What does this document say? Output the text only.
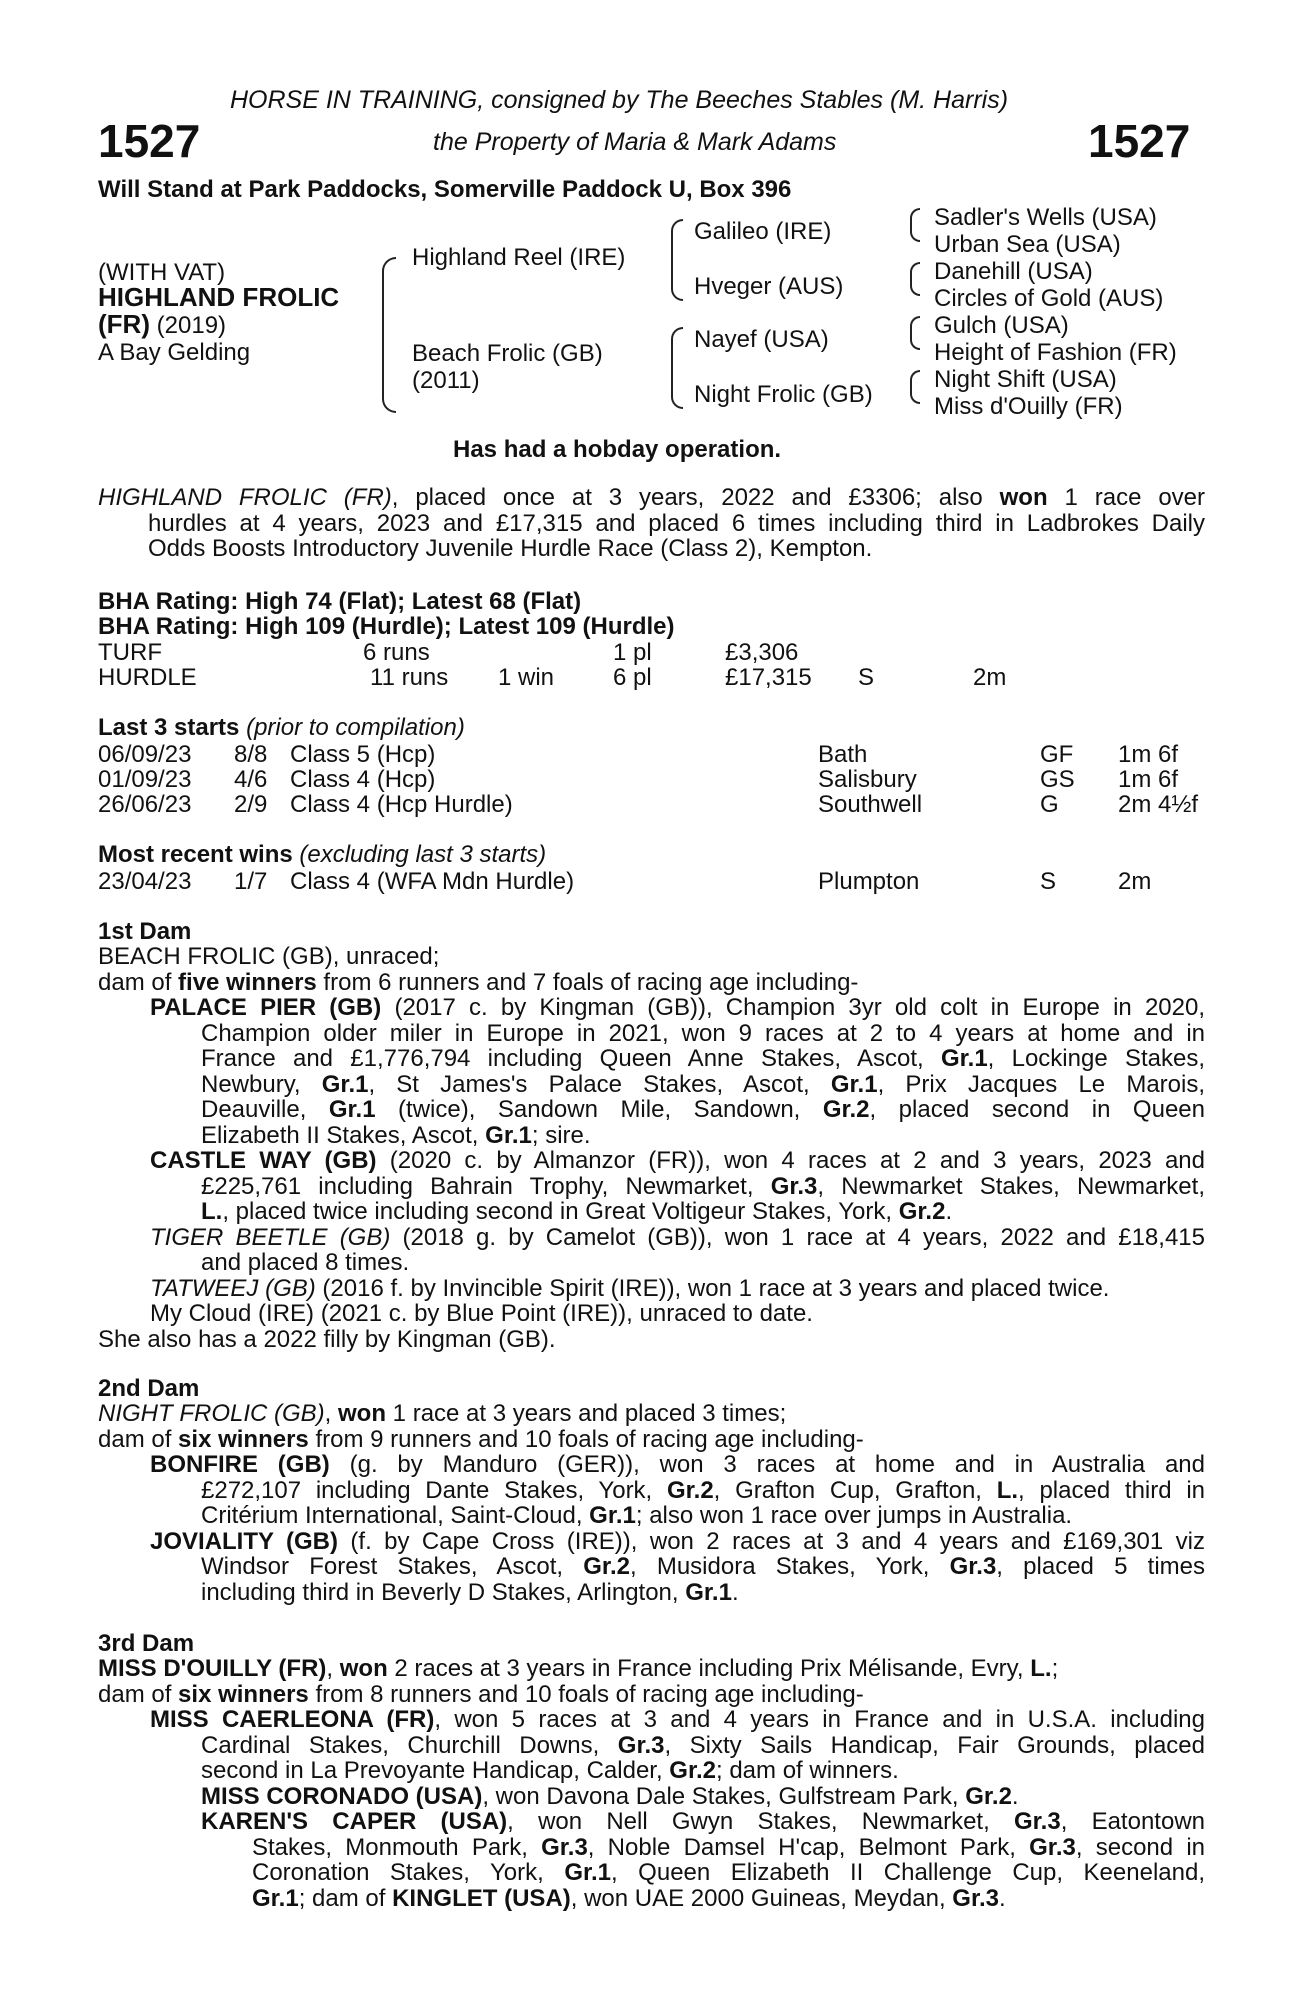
HORSE IN TRAINING, consigned by The Beeches Stables (M. Harris)
1527	the Property of Maria & Mark Adams	1527
Will Stand at Park Paddocks, Somerville Paddock U, Box 396
(WITH VAT)
HIGHLAND FROLIC
(FR) (2019)
A Bay Gelding
Highland Reel (IRE)
Beach Frolic (GB)
(2011)
Galileo (IRE)
Hveger (AUS)
Nayef (USA)
Night Frolic (GB)
Sadler's Wells (USA)
Urban Sea (USA)
Danehill (USA)
Circles of Gold (AUS)
Gulch (USA)
Height of Fashion (FR)
Night Shift (USA)
Miss d'Ouilly (FR)
Has had a hobday operation.
HIGHLAND FROLIC (FR), placed once at 3 years, 2022 and £3306; also won 1 race over
hurdles at 4 years, 2023 and £17,315 and placed 6 times including third in Ladbrokes Daily
Odds Boosts Introductory Juvenile Hurdle Race (Class 2), Kempton.
BHA Rating: High 74 (Flat); Latest 68 (Flat)
BHA Rating: High 109 (Hurdle); Latest 109 (Hurdle)
TURF	6 runs	1 pl	£3,306
HURDLE	11 runs 1 win 6 pl	£17,315 S	2m
Last 3 starts (prior to compilation)
06/09/23 8/8 Class 5 (Hcp)	Bath	GF 1m 6f
01/09/23 4/6 Class 4 (Hcp)	Salisbury	GS 1m 6f
26/06/23 2/9 Class 4 (Hcp Hurdle)	Southwell	G 2m 4½f
Most recent wins (excluding last 3 starts)
23/04/23 1/7 Class 4 (WFA Mdn Hurdle)	Plumpton	S	2m
1st Dam
BEACH FROLIC (GB), unraced;
dam of five winners from 6 runners and 7 foals of racing age including-
PALACE PIER (GB) (2017 c. by Kingman (GB)), Champion 3yr old colt in Europe in 2020,
Champion older miler in Europe in 2021, won 9 races at 2 to 4 years at home and in
France and £1,776,794 including Queen Anne Stakes, Ascot, Gr.1, Lockinge Stakes,
Newbury, Gr.1, St James's Palace Stakes, Ascot, Gr.1, Prix Jacques Le Marois,
Deauville, Gr.1 (twice), Sandown Mile, Sandown, Gr.2, placed second in Queen
Elizabeth II Stakes, Ascot, Gr.1; sire.
CASTLE WAY (GB) (2020 c. by Almanzor (FR)), won 4 races at 2 and 3 years, 2023 and
£225,761 including Bahrain Trophy, Newmarket, Gr.3, Newmarket Stakes, Newmarket,
L., placed twice including second in Great Voltigeur Stakes, York, Gr.2.
TIGER BEETLE (GB) (2018 g. by Camelot (GB)), won 1 race at 4 years, 2022 and £18,415
and placed 8 times.
TATWEEJ (GB) (2016 f. by Invincible Spirit (IRE)), won 1 race at 3 years and placed twice.
My Cloud (IRE) (2021 c. by Blue Point (IRE)), unraced to date.
She also has a 2022 filly by Kingman (GB).
2nd Dam
NIGHT FROLIC (GB), won 1 race at 3 years and placed 3 times;
dam of six winners from 9 runners and 10 foals of racing age including-
BONFIRE (GB) (g. by Manduro (GER)), won 3 races at home and in Australia and
£272,107 including Dante Stakes, York, Gr.2, Grafton Cup, Grafton, L., placed third in
Critérium International, Saint-Cloud, Gr.1; also won 1 race over jumps in Australia.
JOVIALITY (GB) (f. by Cape Cross (IRE)), won 2 races at 3 and 4 years and £169,301 viz
Windsor Forest Stakes, Ascot, Gr.2, Musidora Stakes, York, Gr.3, placed 5 times
including third in Beverly D Stakes, Arlington, Gr.1.
3rd Dam
MISS D'OUILLY (FR), won 2 races at 3 years in France including Prix Mélisande, Evry, L.;
dam of six winners from 8 runners and 10 foals of racing age including-
MISS CAERLEONA (FR), won 5 races at 3 and 4 years in France and in U.S.A. including
Cardinal Stakes, Churchill Downs, Gr.3, Sixty Sails Handicap, Fair Grounds, placed
second in La Prevoyante Handicap, Calder, Gr.2; dam of winners.
MISS CORONADO (USA), won Davona Dale Stakes, Gulfstream Park, Gr.2.
KAREN'S CAPER (USA), won Nell Gwyn Stakes, Newmarket, Gr.3, Eatontown
Stakes, Monmouth Park, Gr.3, Noble Damsel H'cap, Belmont Park, Gr.3, second in
Coronation Stakes, York, Gr.1, Queen Elizabeth II Challenge Cup, Keeneland,
Gr.1; dam of KINGLET (USA), won UAE 2000 Guineas, Meydan, Gr.3.
